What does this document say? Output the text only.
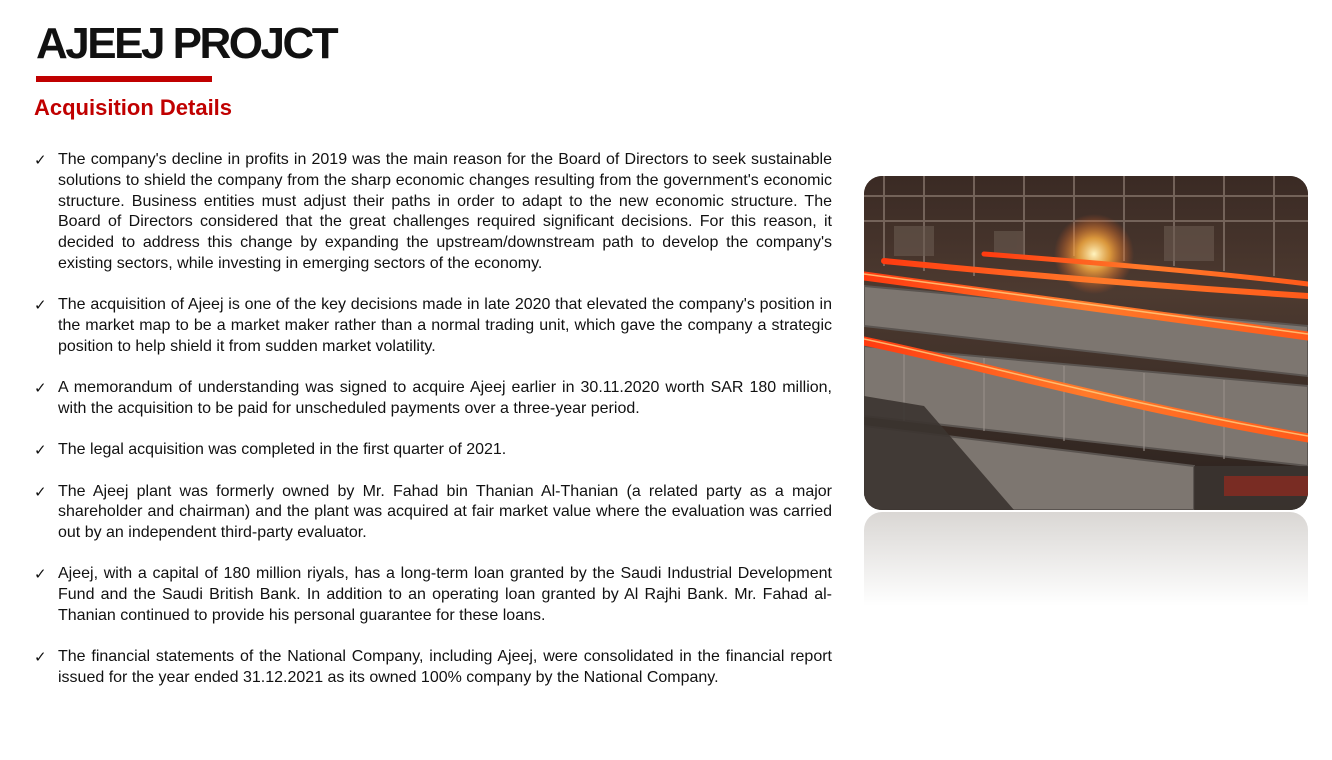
AJEEJ PROJCT
Acquisition Details
✓ The company's decline in profits in 2019 was the main reason for the Board of Directors to seek sustainable solutions to shield the company from the sharp economic changes resulting from the government's economic structure. Business entities must adjust their paths in order to adapt to the new economic structure. The Board of Directors considered that the great challenges required significant decisions. For this reason, it decided to address this change by expanding the upstream/downstream path to develop the company's existing sectors, while investing in emerging sectors of the economy.
✓ The acquisition of Ajeej is one of the key decisions made in late 2020 that elevated the company's position in the market map to be a market maker rather than a normal trading unit, which gave the company a strategic position to help shield it from sudden market volatility.
✓ A memorandum of understanding was signed to acquire Ajeej earlier in 30.11.2020 worth SAR 180 million, with the acquisition to be paid for unscheduled payments over a three-year period.
✓ The legal acquisition was completed in the first quarter of 2021.
✓ The Ajeej plant was formerly owned by Mr. Fahad bin Thanian Al-Thanian (a related party as a major shareholder and chairman) and the plant was acquired at fair market value where the evaluation was carried out by an independent third-party evaluator.
✓ Ajeej, with a capital of 180 million riyals, has a long-term loan granted by the Saudi Industrial Development Fund and the Saudi British Bank. In addition to an operating loan granted by Al Rajhi Bank. Mr. Fahad al-Thanian continued to provide his personal guarantee for these loans.
✓ The financial statements of the National Company, including Ajeej, were consolidated in the financial report issued for the year ended 31.12.2021 as its owned 100% company by the National Company.
